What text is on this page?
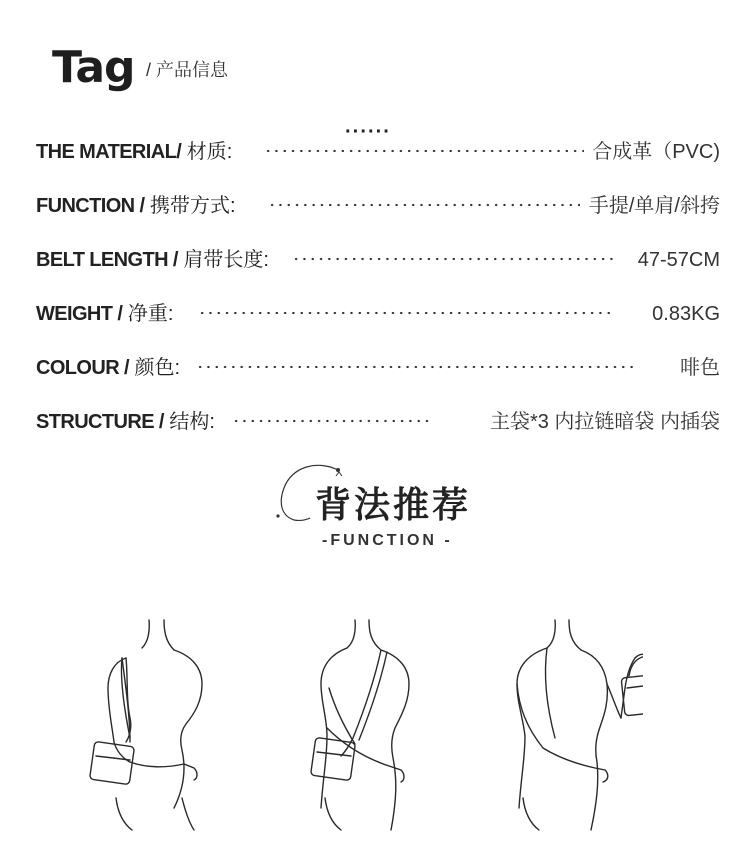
Tag / 产品信息
······
THE MATERIAL/ 材质:	合成革（PVC)
FUNCTION / 携带方式:	手提/单肩/斜挎
BELT LENGTH / 肩带长度:	47-57CM
WEIGHT / 净重:	0.83KG
COLOUR / 颜色:	啡色
STRUCTURE / 结构:	主袋*3 内拉链暗袋 内插袋
背法推荐
-FUNCTION -
